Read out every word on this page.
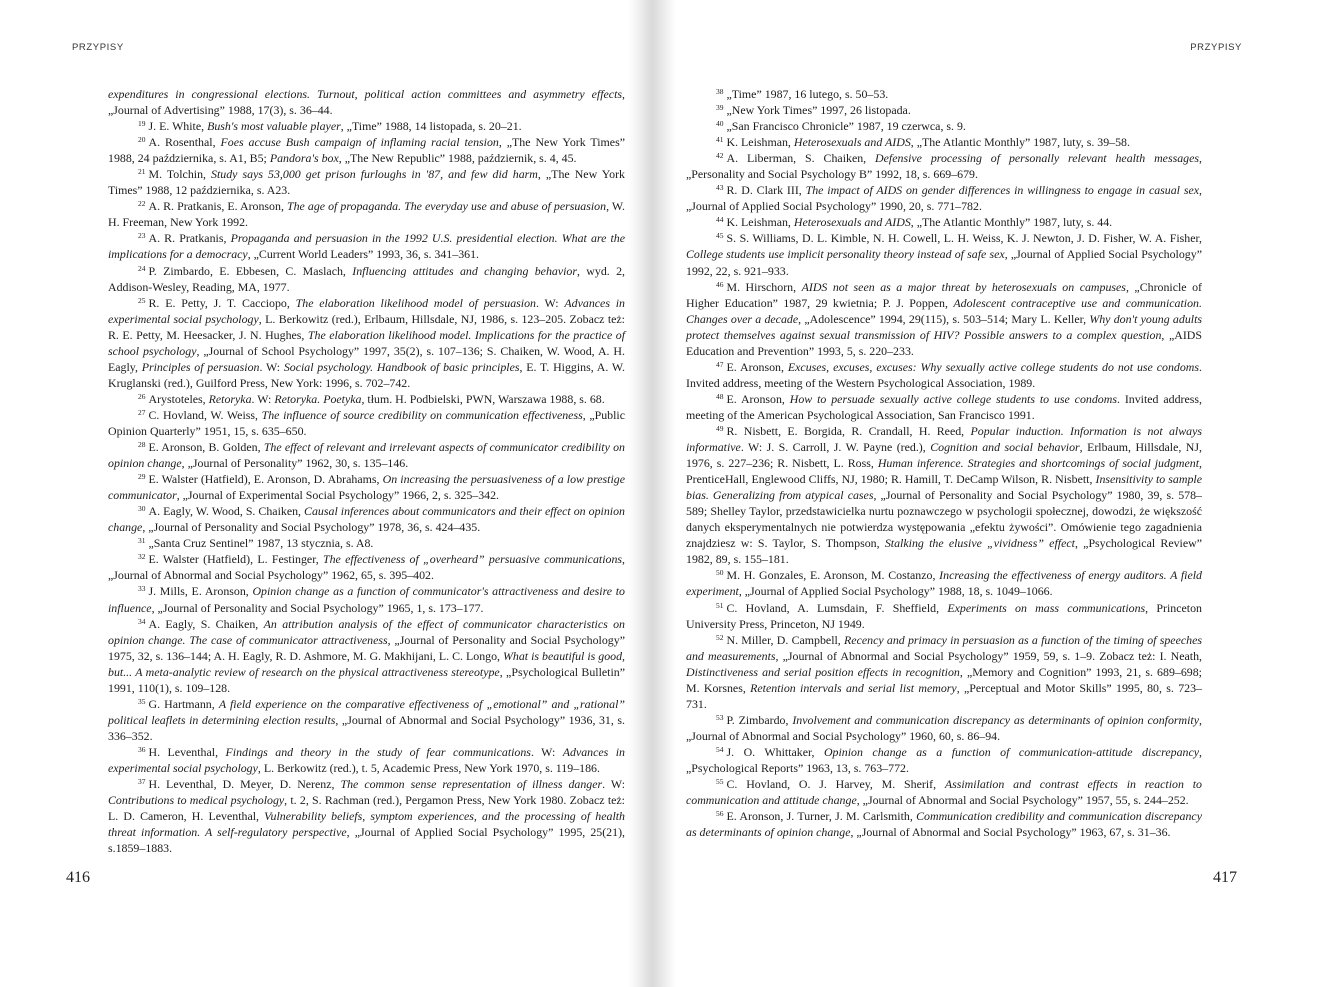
PRZYPISY	PRZYPISY

expenditures in congressional elections. Turnout, political action committees and asymmetry effects, „Journal of Advertising” 1988, 17(3), s. 36–44.

$^{19}$ J. E. White, Bush's most valuable player, „Time” 1988, 14 listopada, s. 20–21.

$^{20}$ A. Rosenthal, Foes accuse Bush campaign of inflaming racial tension, „The New York Times” 1988, 24 października, s. A1, B5; Pandora's box, „The New Republic” 1988, październik, s. 4, 45.

$^{21}$ M. Tolchin, Study says 53,000 get prison furloughs in '87, and few did harm, „The New York Times” 1988, 12 października, s. A23.

$^{22}$ A. R. Pratkanis, E. Aronson, The age of propaganda. The everyday use and abuse of persuasion, W. H. Freeman, New York 1992.

$^{23}$ A. R. Pratkanis, Propaganda and persuasion in the 1992 U.S. presidential election. What are the implications for a democracy, „Current World Leaders” 1993, 36, s. 341–361.

$^{24}$ P. Zimbardo, E. Ebbesen, C. Maslach, Influencing attitudes and changing behavior, wyd. 2, Addison-Wesley, Reading, MA, 1977.

$^{25}$ R. E. Petty, J. T. Cacciopo, The elaboration likelihood model of persuasion. W: Advances in experimental social psychology, L. Berkowitz (red.), Erlbaum, Hillsdale, NJ, 1986, s. 123–205. Zobacz też: R. E. Petty, M. Heesacker, J. N. Hughes, The elaboration likelihood model. Implications for the practice of school psychology, „Journal of School Psychology” 1997, 35(2), s. 107–136; S. Chaiken, W. Wood, A. H. Eagly, Principles of persuasion. W: Social psychology. Handbook of basic principles, E. T. Higgins, A. W. Kruglanski (red.), Guilford Press, New York: 1996, s. 702–742.

$^{26}$ Arystoteles, Retoryka. W: Retoryka. Poetyka, tłum. H. Podbielski, PWN, Warszawa 1988, s. 68.

$^{27}$ C. Hovland, W. Weiss, The influence of source credibility on communication effectiveness, „Public Opinion Quarterly” 1951, 15, s. 635–650.

$^{28}$ E. Aronson, B. Golden, The effect of relevant and irrelevant aspects of communicator credibility on opinion change, „Journal of Personality” 1962, 30, s. 135–146.

$^{29}$ E. Walster (Hatfield), E. Aronson, D. Abrahams, On increasing the persuasiveness of a low prestige communicator, „Journal of Experimental Social Psychology” 1966, 2, s. 325–342.

$^{30}$ A. Eagly, W. Wood, S. Chaiken, Causal inferences about communicators and their effect on opinion change, „Journal of Personality and Social Psychology” 1978, 36, s. 424–435.

$^{31}$ „Santa Cruz Sentinel” 1987, 13 stycznia, s. A8.

$^{32}$ E. Walster (Hatfield), L. Festinger, The effectiveness of „overheard” persuasive communications, „Journal of Abnormal and Social Psychology” 1962, 65, s. 395–402.

$^{33}$ J. Mills, E. Aronson, Opinion change as a function of communicator's attractiveness and desire to influence, „Journal of Personality and Social Psychology” 1965, 1, s. 173–177.

$^{34}$ A. Eagly, S. Chaiken, An attribution analysis of the effect of communicator characteristics on opinion change. The case of communicator attractiveness, „Journal of Personality and Social Psychology” 1975, 32, s. 136–144; A. H. Eagly, R. D. Ashmore, M. G. Makhijani, L. C. Longo, What is beautiful is good, but... A meta-analytic review of research on the physical attractiveness stereotype, „Psychological Bulletin” 1991, 110(1), s. 109–128.

$^{35}$ G. Hartmann, A field experience on the comparative effectiveness of „emotional” and „rational” political leaflets in determining election results, „Journal of Abnormal and Social Psychology” 1936, 31, s. 336–352.

$^{36}$ H. Leventhal, Findings and theory in the study of fear communications. W: Advances in experimental social psychology, L. Berkowitz (red.), t. 5, Academic Press, New York 1970, s. 119–186.

$^{37}$ H. Leventhal, D. Meyer, D. Nerenz, The common sense representation of illness danger. W: Contributions to medical psychology, t. 2, S. Rachman (red.), Pergamon Press, New York 1980. Zobacz też: L. D. Cameron, H. Leventhal, Vulnerability beliefs, symptom experiences, and the processing of health threat information. A self-regulatory perspective, „Journal of Applied Social Psychology” 1995, 25(21), s.1859–1883.

$^{38}$ „Time” 1987, 16 lutego, s. 50–53.

$^{39}$ „New York Times” 1997, 26 listopada.

$^{40}$ „San Francisco Chronicle” 1987, 19 czerwca, s. 9.

$^{41}$ K. Leishman, Heterosexuals and AIDS, „The Atlantic Monthly” 1987, luty, s. 39–58.

$^{42}$ A. Liberman, S. Chaiken, Defensive processing of personally relevant health messages, „Personality and Social Psychology B” 1992, 18, s. 669–679.

$^{43}$ R. D. Clark III, The impact of AIDS on gender differences in willingness to engage in casual sex, „Journal of Applied Social Psychology” 1990, 20, s. 771–782.

$^{44}$ K. Leishman, Heterosexuals and AIDS, „The Atlantic Monthly” 1987, luty, s. 44.

$^{45}$ S. S. Williams, D. L. Kimble, N. H. Cowell, L. H. Weiss, K. J. Newton, J. D. Fisher, W. A. Fisher, College students use implicit personality theory instead of safe sex, „Journal of Applied Social Psychology” 1992, 22, s. 921–933.

$^{46}$ M. Hirschorn, AIDS not seen as a major threat by heterosexuals on campuses, „Chronicle of Higher Education” 1987, 29 kwietnia; P. J. Poppen, Adolescent contraceptive use and communication. Changes over a decade, „Adolescence” 1994, 29(115), s. 503–514; Mary L. Keller, Why don't young adults protect themselves against sexual transmission of HIV? Possible answers to a complex question, „AIDS Education and Prevention” 1993, 5, s. 220–233.

$^{47}$ E. Aronson, Excuses, excuses, excuses: Why sexually active college students do not use condoms. Invited address, meeting of the Western Psychological Association, 1989.

$^{48}$ E. Aronson, How to persuade sexually active college students to use condoms. Invited address, meeting of the American Psychological Association, San Francisco 1991.

$^{49}$ R. Nisbett, E. Borgida, R. Crandall, H. Reed, Popular induction. Information is not always informative. W: J. S. Carroll, J. W. Payne (red.), Cognition and social behavior, Erlbaum, Hillsdale, NJ, 1976, s. 227–236; R. Nisbett, L. Ross, Human inference. Strategies and shortcomings of social judgment, PrenticeHall, Englewood Cliffs, NJ, 1980; R. Hamill, T. DeCamp Wilson, R. Nisbett, Insensitivity to sample bias. Generalizing from atypical cases, „Journal of Personality and Social Psychology” 1980, 39, s. 578–589; Shelley Taylor, przedstawicielka nurtu poznawczego w psychologii społecznej, dowodzi, że większość danych eksperymentalnych nie potwierdza występowania „efektu żywości”. Omówienie tego zagadnienia znajdziesz w: S. Taylor, S. Thompson, Stalking the elusive „vividness” effect, „Psychological Review” 1982, 89, s. 155–181.

$^{50}$ M. H. Gonzales, E. Aronson, M. Costanzo, Increasing the effectiveness of energy auditors. A field experiment, „Journal of Applied Social Psychology” 1988, 18, s. 1049–1066.

$^{51}$ C. Hovland, A. Lumsdain, F. Sheffield, Experiments on mass communications, Princeton University Press, Princeton, NJ 1949.

$^{52}$ N. Miller, D. Campbell, Recency and primacy in persuasion as a function of the timing of speeches and measurements, „Journal of Abnormal and Social Psychology” 1959, 59, s. 1–9. Zobacz też: I. Neath, Distinctiveness and serial position effects in recognition, „Memory and Cognition” 1993, 21, s. 689–698; M. Korsnes, Retention intervals and serial list memory, „Perceptual and Motor Skills” 1995, 80, s. 723–731.

$^{53}$ P. Zimbardo, Involvement and communication discrepancy as determinants of opinion conformity, „Journal of Abnormal and Social Psychology” 1960, 60, s. 86–94.

$^{54}$ J. O. Whittaker, Opinion change as a function of communication-attitude discrepancy, „Psychological Reports” 1963, 13, s. 763–772.

$^{55}$ C. Hovland, O. J. Harvey, M. Sherif, Assimilation and contrast effects in reaction to communication and attitude change, „Journal of Abnormal and Social Psychology” 1957, 55, s. 244–252.

$^{56}$ E. Aronson, J. Turner, J. M. Carlsmith, Communication credibility and communication discrepancy as determinants of opinion change, „Journal of Abnormal and Social Psychology” 1963, 67, s. 31–36.

416	417
